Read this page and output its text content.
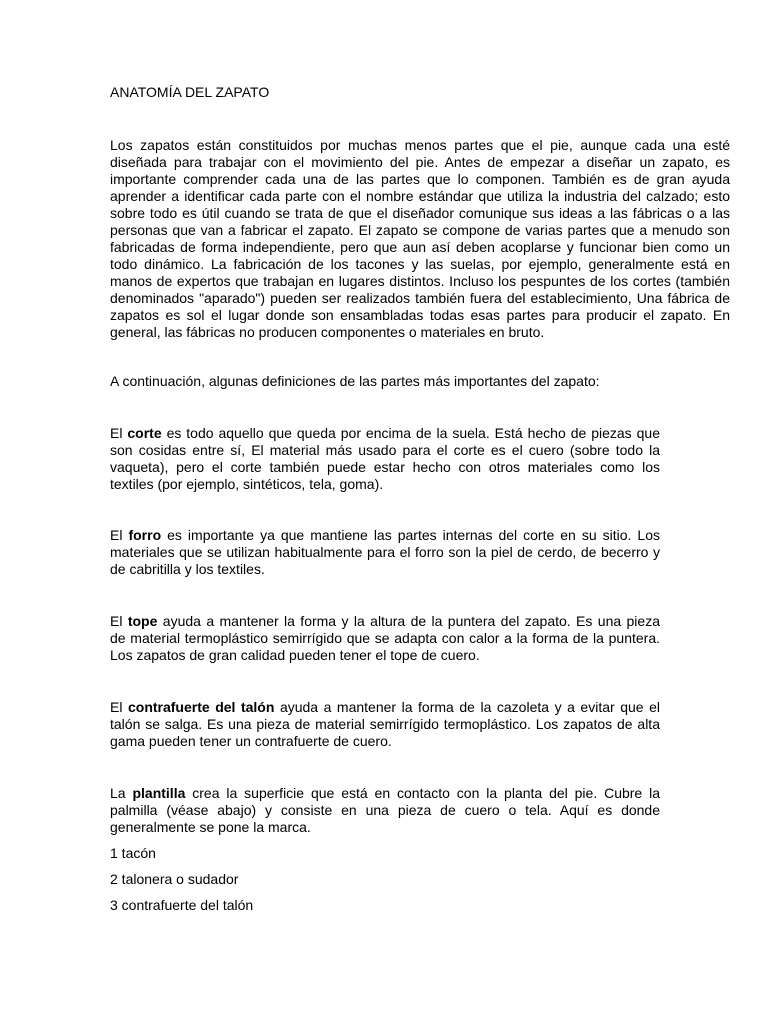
ANATOMÍA DEL ZAPATO
Los zapatos están constituidos por muchas menos partes que el pie, aunque cada una esté
diseñada para trabajar con el movimiento del pie. Antes de empezar a diseñar un zapato, es
importante comprender cada una de las partes que lo componen. También es de gran ayuda
aprender a identificar cada parte con el nombre estándar que utiliza la industria del calzado; esto
sobre todo es útil cuando se trata de que el diseñador comunique sus ideas a las fábricas o a las
personas que van a fabricar el zapato. El zapato se compone de varias partes que a menudo son
fabricadas de forma independiente, pero que aun así deben acoplarse y funcionar bien como un
todo dinámico. La fabricación de los tacones y las suelas, por ejemplo, generalmente está en
manos de expertos que trabajan en lugares distintos. Incluso los pespuntes de los cortes (también
denominados "aparado") pueden ser realizados también fuera del establecimiento, Una fábrica de
zapatos es sol el lugar donde son ensambladas todas esas partes para producir el zapato. En
general, las fábricas no producen componentes o materiales en bruto.
A continuación, algunas definiciones de las partes más importantes del zapato:
El corte es todo aquello que queda por encima de la suela. Está hecho de piezas que
son cosidas entre sí, El material más usado para el corte es el cuero (sobre todo la
vaqueta), pero el corte también puede estar hecho con otros materiales como los
textiles (por ejemplo, sintéticos, tela, goma).
El forro es importante ya que mantiene las partes internas del corte en su sitio. Los
materiales que se utilizan habitualmente para el forro son la piel de cerdo, de becerro y
de cabritilla y los textiles.
El tope ayuda a mantener la forma y la altura de la puntera del zapato. Es una pieza
de material termoplástico semirrígido que se adapta con calor a la forma de la puntera.
Los zapatos de gran calidad pueden tener el tope de cuero.
El contrafuerte del talón ayuda a mantener la forma de la cazoleta y a evitar que el
talón se salga. Es una pieza de material semirrígido termoplástico. Los zapatos de alta
gama pueden tener un contrafuerte de cuero.
La plantilla crea la superficie que está en contacto con la planta del pie. Cubre la
palmilla (véase abajo) y consiste en una pieza de cuero o tela. Aquí es donde
generalmente se pone la marca.
1 tacón
2 talonera o sudador
3 contrafuerte del talón
